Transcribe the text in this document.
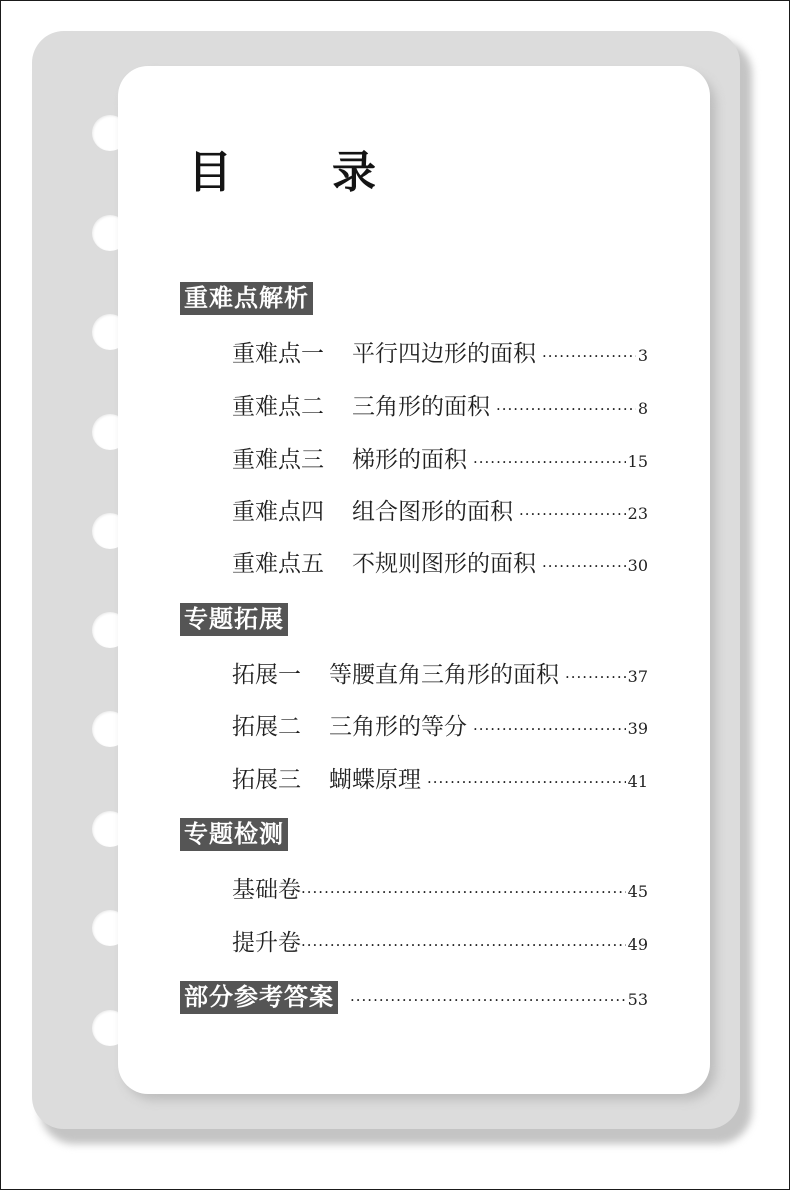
目　录
重难点解析
重难点一 平行四边形的面积 ·····	3
重难点二 三角形的面积 ·····	8
重难点三 梯形的面积 ·····	15
重难点四 组合图形的面积 ·····	23
重难点五 不规则图形的面积 ·····	30
专题拓展
拓展一 等腰直角三角形的面积 ·····	37
拓展二 三角形的等分 ·····	39
拓展三 蝴蝶原理 ·····	41
专题检测
基础卷 ·····	45
提升卷 ·····	49
部分参考答案 ·····	53
